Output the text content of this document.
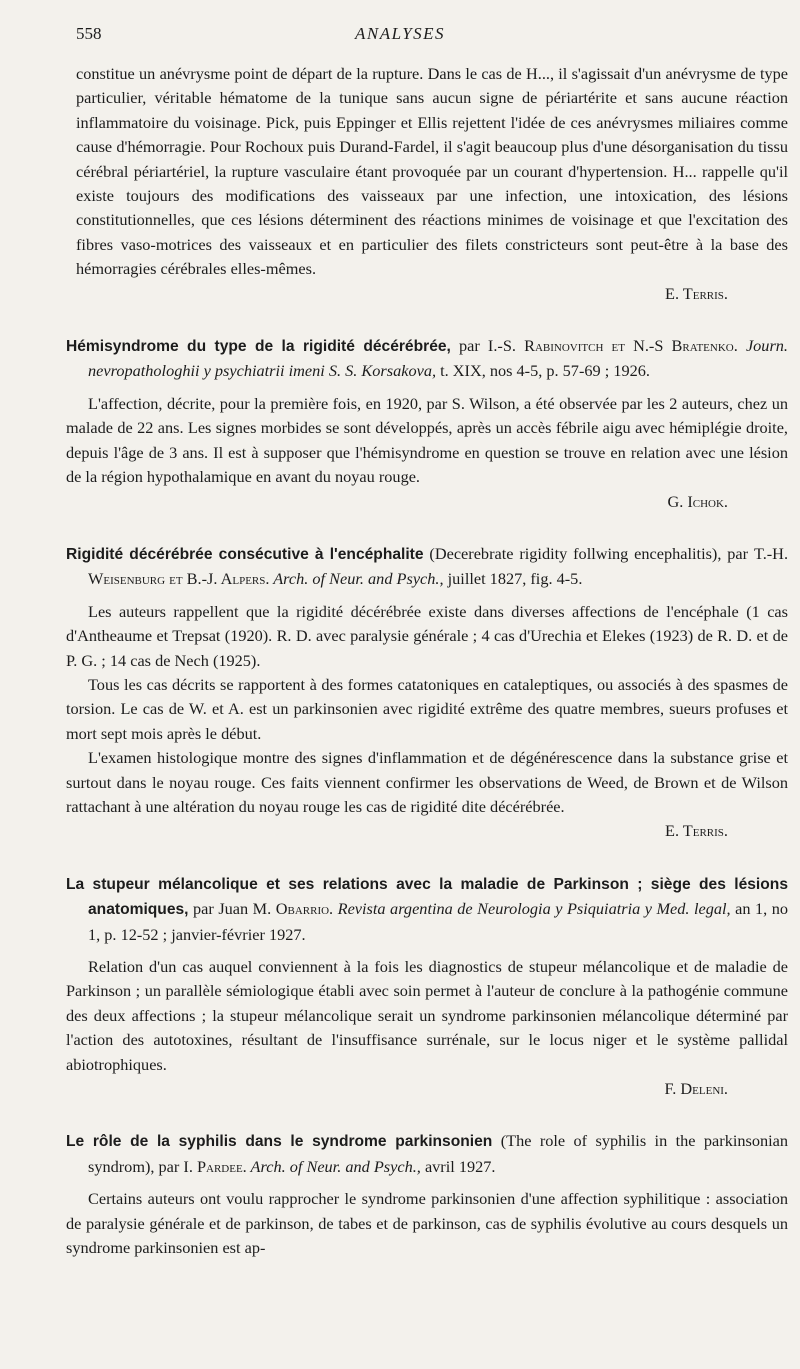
558	ANALYSES

constitue un anévrysme point de départ de la rupture. Dans le cas de H..., il s'agissait d'un anévrysme de type particulier, véritable hématome de la tunique sans aucun signe de périartérite et sans aucune réaction inflammatoire du voisinage. Pick, puis Eppinger et Ellis rejettent l'idée de ces anévrysmes miliaires comme cause d'hémorragie. Pour Rochoux puis Durand-Fardel, il s'agit beaucoup plus d'une désorganisation du tissu cérébral périartériel, la rupture vasculaire étant provoquée par un courant d'hypertension. H... rappelle qu'il existe toujours des modifications des vaisseaux par une infection, une intoxication, des lésions constitutionnelles, que ces lésions déterminent des réactions minimes de voisinage et que l'excitation des fibres vaso-motrices des vaisseaux et en particulier des filets constricteurs sont peut-être à la base des hémorragies cérébrales elles-mêmes.

E. Terris.

Hémisyndrome du type de la rigidité décérébrée, par I.-S. Rabinovitch et N.-S Bratenko. Journ. nevropathologhii y psychiatrii imeni S. S. Korsakova, t. XIX, nos 4-5, p. 57-69 ; 1926.

L'affection, décrite, pour la première fois, en 1920, par S. Wilson, a été observée par les 2 auteurs, chez un malade de 22 ans. Les signes morbides se sont développés, après un accès fébrile aigu avec hémiplégie droite, depuis l'âge de 3 ans. Il est à supposer que l'hémisyndrome en question se trouve en relation avec une lésion de la région hypothalamique en avant du noyau rouge.

G. Ichok.

Rigidité décérébrée consécutive à l'encéphalite (Decerebrate rigidity follwing encephalitis), par T.-H. Weisenburg et B.-J. Alpers. Arch. of Neur. and Psych., juillet 1827, fig. 4-5.

Les auteurs rappellent que la rigidité décérébrée existe dans diverses affections de l'encéphale (1 cas d'Antheaume et Trepsat (1920). R. D. avec paralysie générale ; 4 cas d'Urechia et Elekes (1923) de R. D. et de P. G. ; 14 cas de Nech (1925).

Tous les cas décrits se rapportent à des formes catatoniques en cataleptiques, ou associés à des spasmes de torsion. Le cas de W. et A. est un parkinsonien avec rigidité extrême des quatre membres, sueurs profuses et mort sept mois après le début.

L'examen histologique montre des signes d'inflammation et de dégénérescence dans la substance grise et surtout dans le noyau rouge. Ces faits viennent confirmer les observations de Weed, de Brown et de Wilson rattachant à une altération du noyau rouge les cas de rigidité dite décérébrée.

E. Terris.

La stupeur mélancolique et ses relations avec la maladie de Parkinson ; siège des lésions anatomiques, par Juan M. Obarrio. Revista argentina de Neurologia y Psiquiatria y Med. legal, an 1, no 1, p. 12-52 ; janvier-février 1927.

Relation d'un cas auquel conviennent à la fois les diagnostics de stupeur mélancolique et de maladie de Parkinson ; un parallèle sémiologique établi avec soin permet à l'auteur de conclure à la pathogénie commune des deux affections ; la stupeur mélancolique serait un syndrome parkinsonien mélancolique déterminé par l'action des autotoxines, résultant de l'insuffisance surrénale, sur le locus niger et le système pallidal abiotrophiques.

F. Deleni.

Le rôle de la syphilis dans le syndrome parkinsonien (The role of syphilis in the parkinsonian syndrom), par I. Pardee. Arch. of Neur. and Psych., avril 1927.

Certains auteurs ont voulu rapprocher le syndrome parkinsonien d'une affection syphilitique : association de paralysie générale et de parkinson, de tabes et de parkinson, cas de syphilis évolutive au cours desquels un syndrome parkinsonien est ap-
